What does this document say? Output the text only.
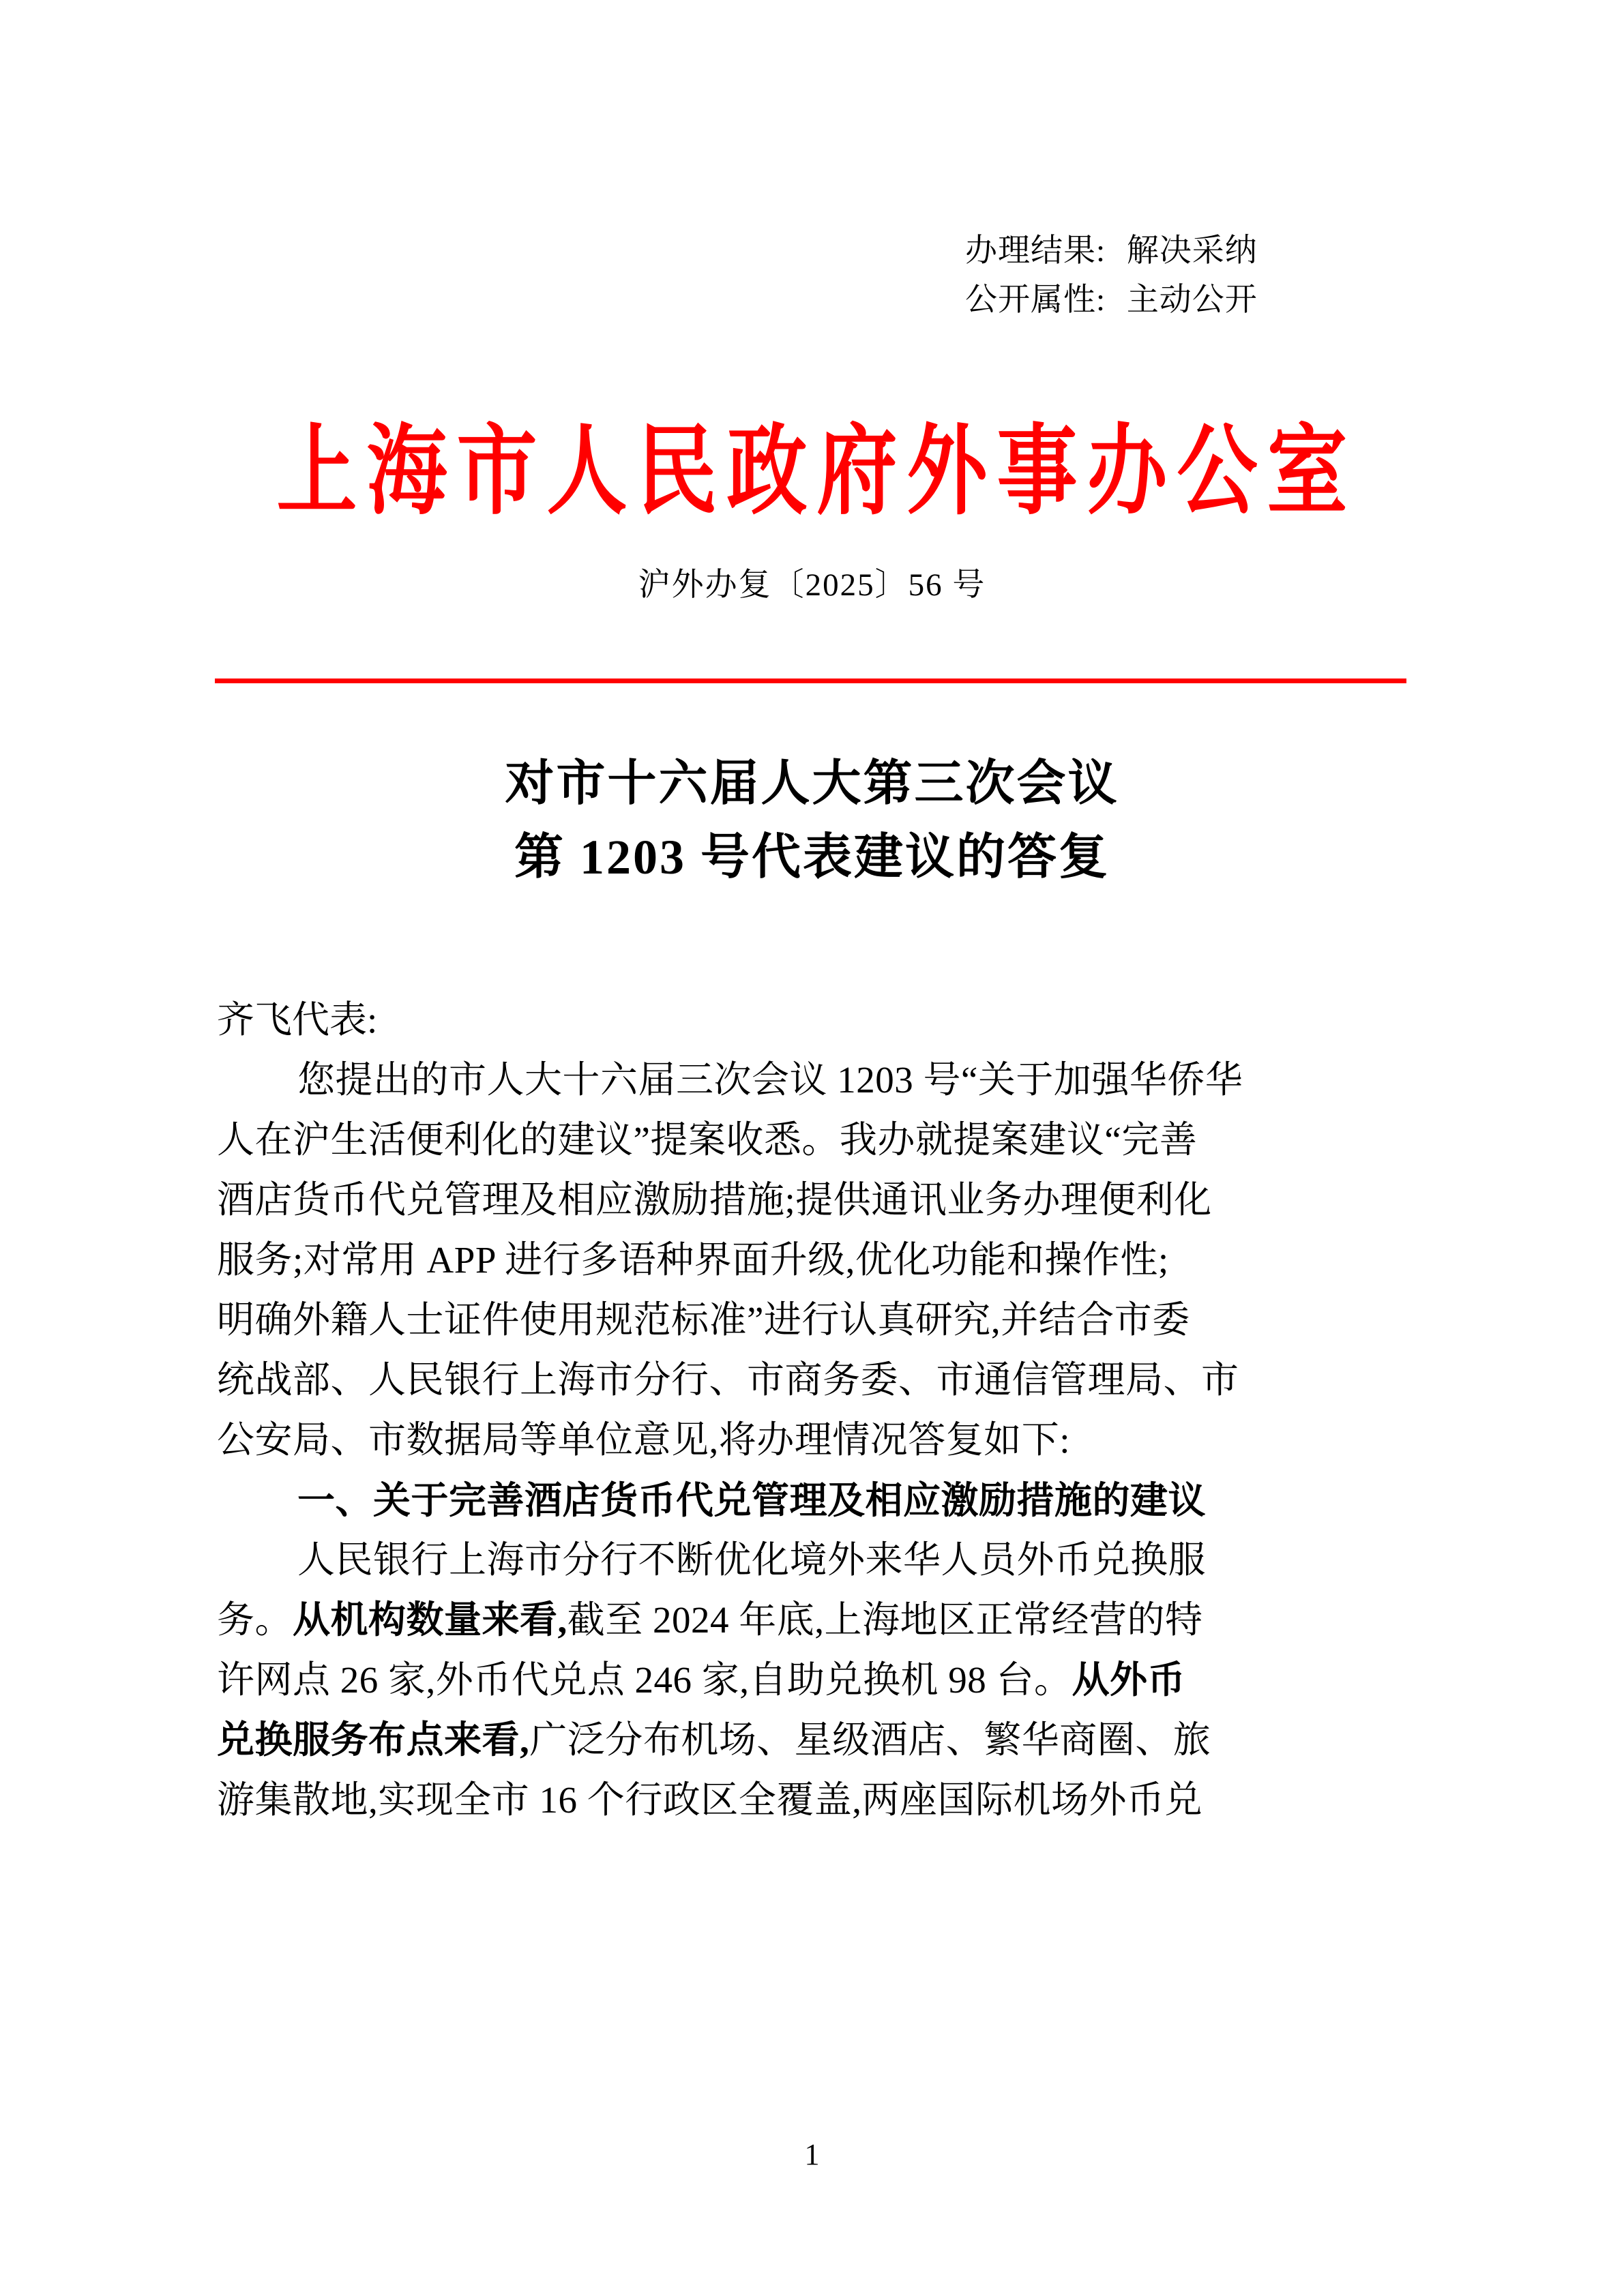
办理结果: 解决采纳
公开属性: 主动公开
上海市人民政府外事办公室
沪外办复〔2025〕56 号
对市十六届人大第三次会议
第 1203 号代表建议的答复
齐飞代表:
您提出的市人大十六届三次会议 1203 号“关于加强华侨华
人在沪生活便利化的建议”提案收悉。我办就提案建议“完善
酒店货币代兑管理及相应激励措施;提供通讯业务办理便利化
服务;对常用 APP 进行多语种界面升级,优化功能和操作性;
明确外籍人士证件使用规范标准”进行认真研究,并结合市委
统战部、人民银行上海市分行、市商务委、市通信管理局、市
公安局、市数据局等单位意见,将办理情况答复如下:
一、关于完善酒店货币代兑管理及相应激励措施的建议
人民银行上海市分行不断优化境外来华人员外币兑换服
务。从机构数量来看,截至 2024 年底,上海地区正常经营的特
许网点 26 家,外币代兑点 246 家,自助兑换机 98 台。从外币
兑换服务布点来看,广泛分布机场、星级酒店、繁华商圈、旅
游集散地,实现全市 16 个行政区全覆盖,两座国际机场外币兑
1
